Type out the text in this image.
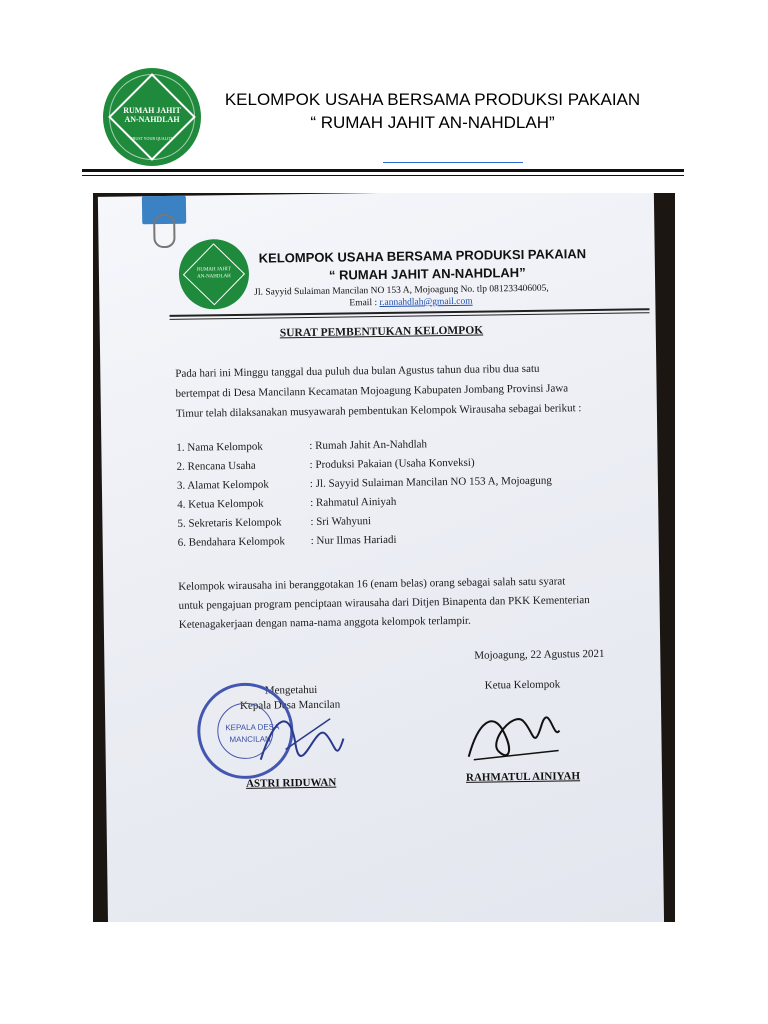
RUMAH JAHIT
AN-NAHDLAH
TRUST YOUR QUALITY
KELOMPOK USAHA BERSAMA PRODUKSI PAKAIAN
“ RUMAH JAHIT AN-NAHDLAH”
RUMAH JAHIT
AN-NAHDLAH
KELOMPOK USAHA BERSAMA PRODUKSI PAKAIAN
“ RUMAH JAHIT AN-NAHDLAH”
Jl. Sayyid Sulaiman Mancilan NO 153 A, Mojoagung No. tlp 081233406005,
Email : r.annahdlah@gmail.com
SURAT PEMBENTUKAN KELOMPOK
Pada hari ini Minggu tanggal dua puluh dua bulan Agustus tahun dua ribu dua satu
bertempat di Desa Mancilann Kecamatan Mojoagung Kabupaten Jombang Provinsi Jawa
Timur telah dilaksanakan musyawarah pembentukan Kelompok Wirausaha sebagai berikut :
1. Nama Kelompok	: Rumah Jahit An-Nahdlah
2. Rencana Usaha	: Produksi Pakaian (Usaha Konveksi)
3. Alamat Kelompok	: Jl. Sayyid Sulaiman Mancilan NO 153 A, Mojoagung
4. Ketua Kelompok	: Rahmatul Ainiyah
5. Sekretaris Kelompok	: Sri Wahyuni
6. Bendahara Kelompok : Nur Ilmas Hariadi
Kelompok wirausaha ini beranggotakan 16 (enam belas) orang sebagai salah satu syarat
untuk pengajuan program penciptaan wirausaha dari Ditjen Binapenta dan PKK Kementerian
Ketenagakerjaan dengan nama-nama anggota kelompok terlampir.
Mojoagung, 22 Agustus 2021
Mengetahui
Kepala Desa Mancilan
Ketua Kelompok
KEPALA DESA
MANCILAN
ASTRI RIDUWAN	RAHMATUL AINIYAH
